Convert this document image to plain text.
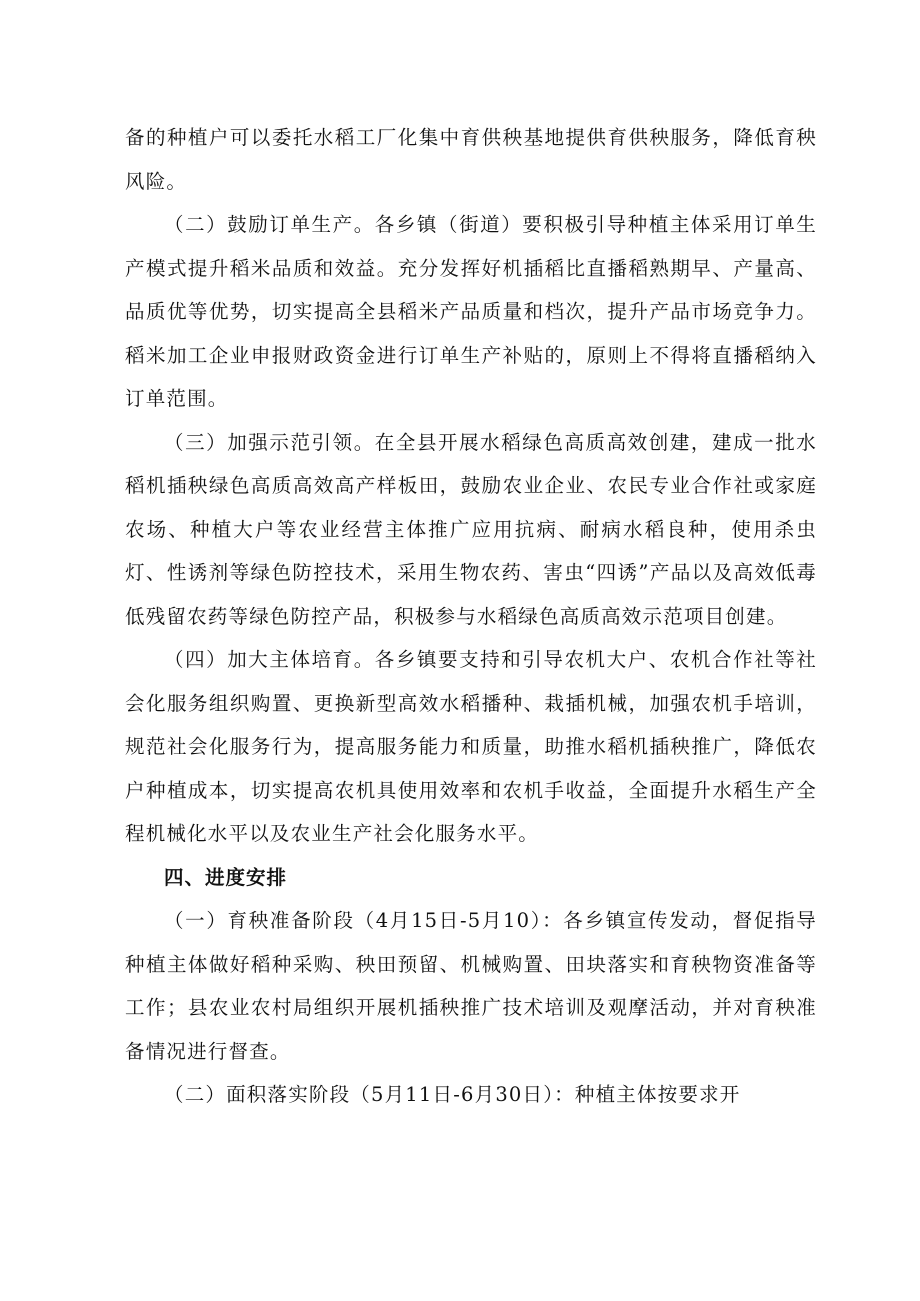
备的种植户可以委托水稻工厂化集中育供秧基地提供育供秧服务，降低育秧风险。

（二）鼓励订单生产。各乡镇（街道）要积极引导种植主体采用订单生产模式提升稻米品质和效益。充分发挥好机插稻比直播稻熟期早、产量高、品质优等优势，切实提高全县稻米产品质量和档次，提升产品市场竞争力。稻米加工企业申报财政资金进行订单生产补贴的，原则上不得将直播稻纳入订单范围。

（三）加强示范引领。在全县开展水稻绿色高质高效创建，建成一批水稻机插秧绿色高质高效高产样板田，鼓励农业企业、农民专业合作社或家庭农场、种植大户等农业经营主体推广应用抗病、耐病水稻良种，使用杀虫灯、性诱剂等绿色防控技术，采用生物农药、害虫“四诱”产品以及高效低毒低残留农药等绿色防控产品，积极参与水稻绿色高质高效示范项目创建。

（四）加大主体培育。各乡镇要支持和引导农机大户、农机合作社等社会化服务组织购置、更换新型高效水稻播种、栽插机械，加强农机手培训，规范社会化服务行为，提高服务能力和质量，助推水稻机插秧推广，降低农户种植成本，切实提高农机具使用效率和农机手收益，全面提升水稻生产全程机械化水平以及农业生产社会化服务水平。

四、进度安排

（一）育秧准备阶段（4月15日-5月10）：各乡镇宣传发动，督促指导种植主体做好稻种采购、秧田预留、机械购置、田块落实和育秧物资准备等工作；县农业农村局组织开展机插秧推广技术培训及观摩活动，并对育秧准备情况进行督查。

（二）面积落实阶段（5月11日-6月30日）：种植主体按要求开
